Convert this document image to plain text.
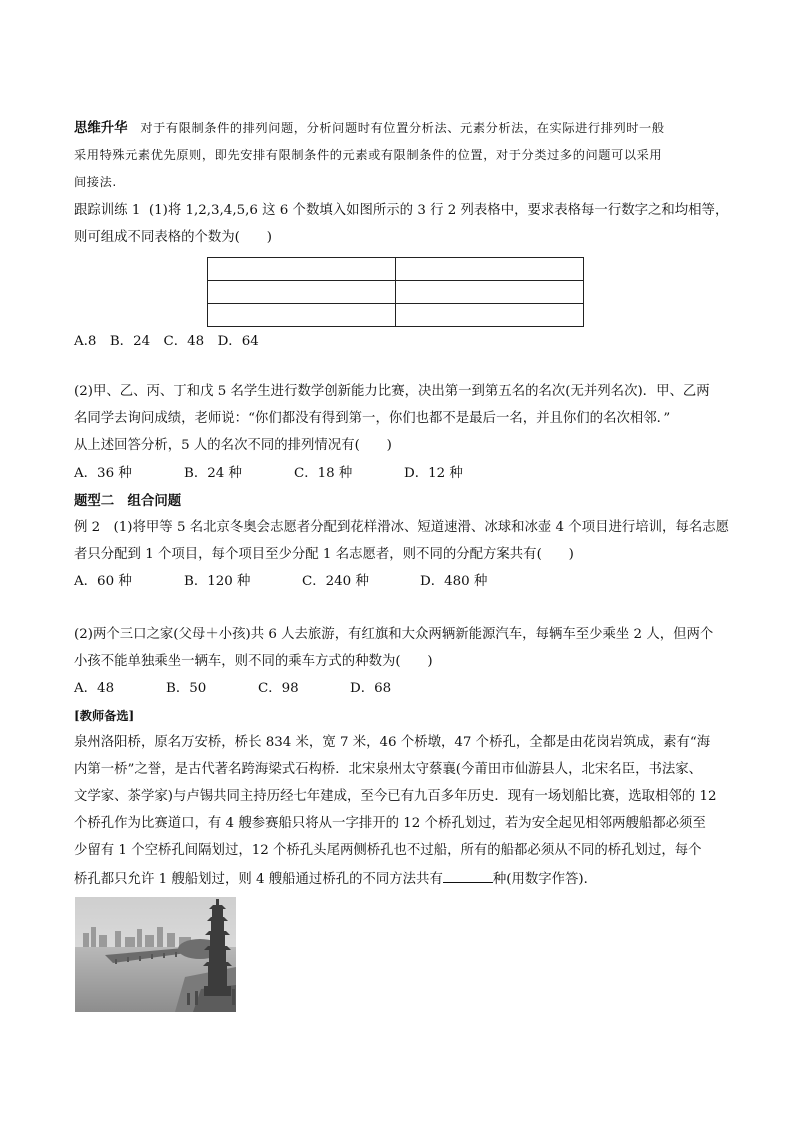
思维升华 对于有限制条件的排列问题，分析问题时有位置分析法、元素分析法，在实际进行排列时一般
采用特殊元素优先原则，即先安排有限制条件的元素或有限制条件的位置，对于分类过多的问题可以采用
间接法.
跟踪训练 1 (1)将 1,2,3,4,5,6 这 6 个数填入如图所示的 3 行 2 列表格中，要求表格每一行数字之和均相等，
则可组成不同表格的个数为(　　)

A.8　B．24　C．48　D．64
(2)甲、乙、丙、丁和戊 5 名学生进行数学创新能力比赛，决出第一到第五名的名次(无并列名次)．甲、乙两
名同学去询问成绩，老师说：“你们都没有得到第一，你们也都不是最后一名，并且你们的名次相邻．”
从上述回答分析，5 人的名次不同的排列情况有(　　)
A．36 种	B．24 种	C．18 种	D．12 种
题型二　组合问题
例 2　(1)将甲等 5 名北京冬奥会志愿者分配到花样滑冰、短道速滑、冰球和冰壶 4 个项目进行培训，每名志愿
者只分配到 1 个项目，每个项目至少分配 1 名志愿者，则不同的分配方案共有(　　)
A．60 种	B．120 种	C．240 种	D．480 种
(2)两个三口之家(父母＋小孩)共 6 人去旅游，有红旗和大众两辆新能源汽车，每辆车至少乘坐 2 人，但两个
小孩不能单独乘坐一辆车，则不同的乘车方式的种数为(　　)
A．48	B．50	C．98	D．68
[教师备选]
泉州洛阳桥，原名万安桥，桥长 834 米，宽 7 米，46 个桥墩，47 个桥孔，全都是由花岗岩筑成，素有“海
内第一桥”之誉，是古代著名跨海梁式石构桥．北宋泉州太守蔡襄(今莆田市仙游县人，北宋名臣，书法家、
文学家、茶学家)与卢锡共同主持历经七年建成，至今已有九百多年历史．现有一场划船比赛，选取相邻的 12
个桥孔作为比赛道口，有 4 艘参赛船只将从一字排开的 12 个桥孔划过，若为安全起见相邻两艘船都必须至
少留有 1 个空桥孔间隔划过，12 个桥孔头尾两侧桥孔也不过船，所有的船都必须从不同的桥孔划过，每个
桥孔都只允许 1 艘船划过，则 4 艘船通过桥孔的不同方法共有	种(用数字作答)．
